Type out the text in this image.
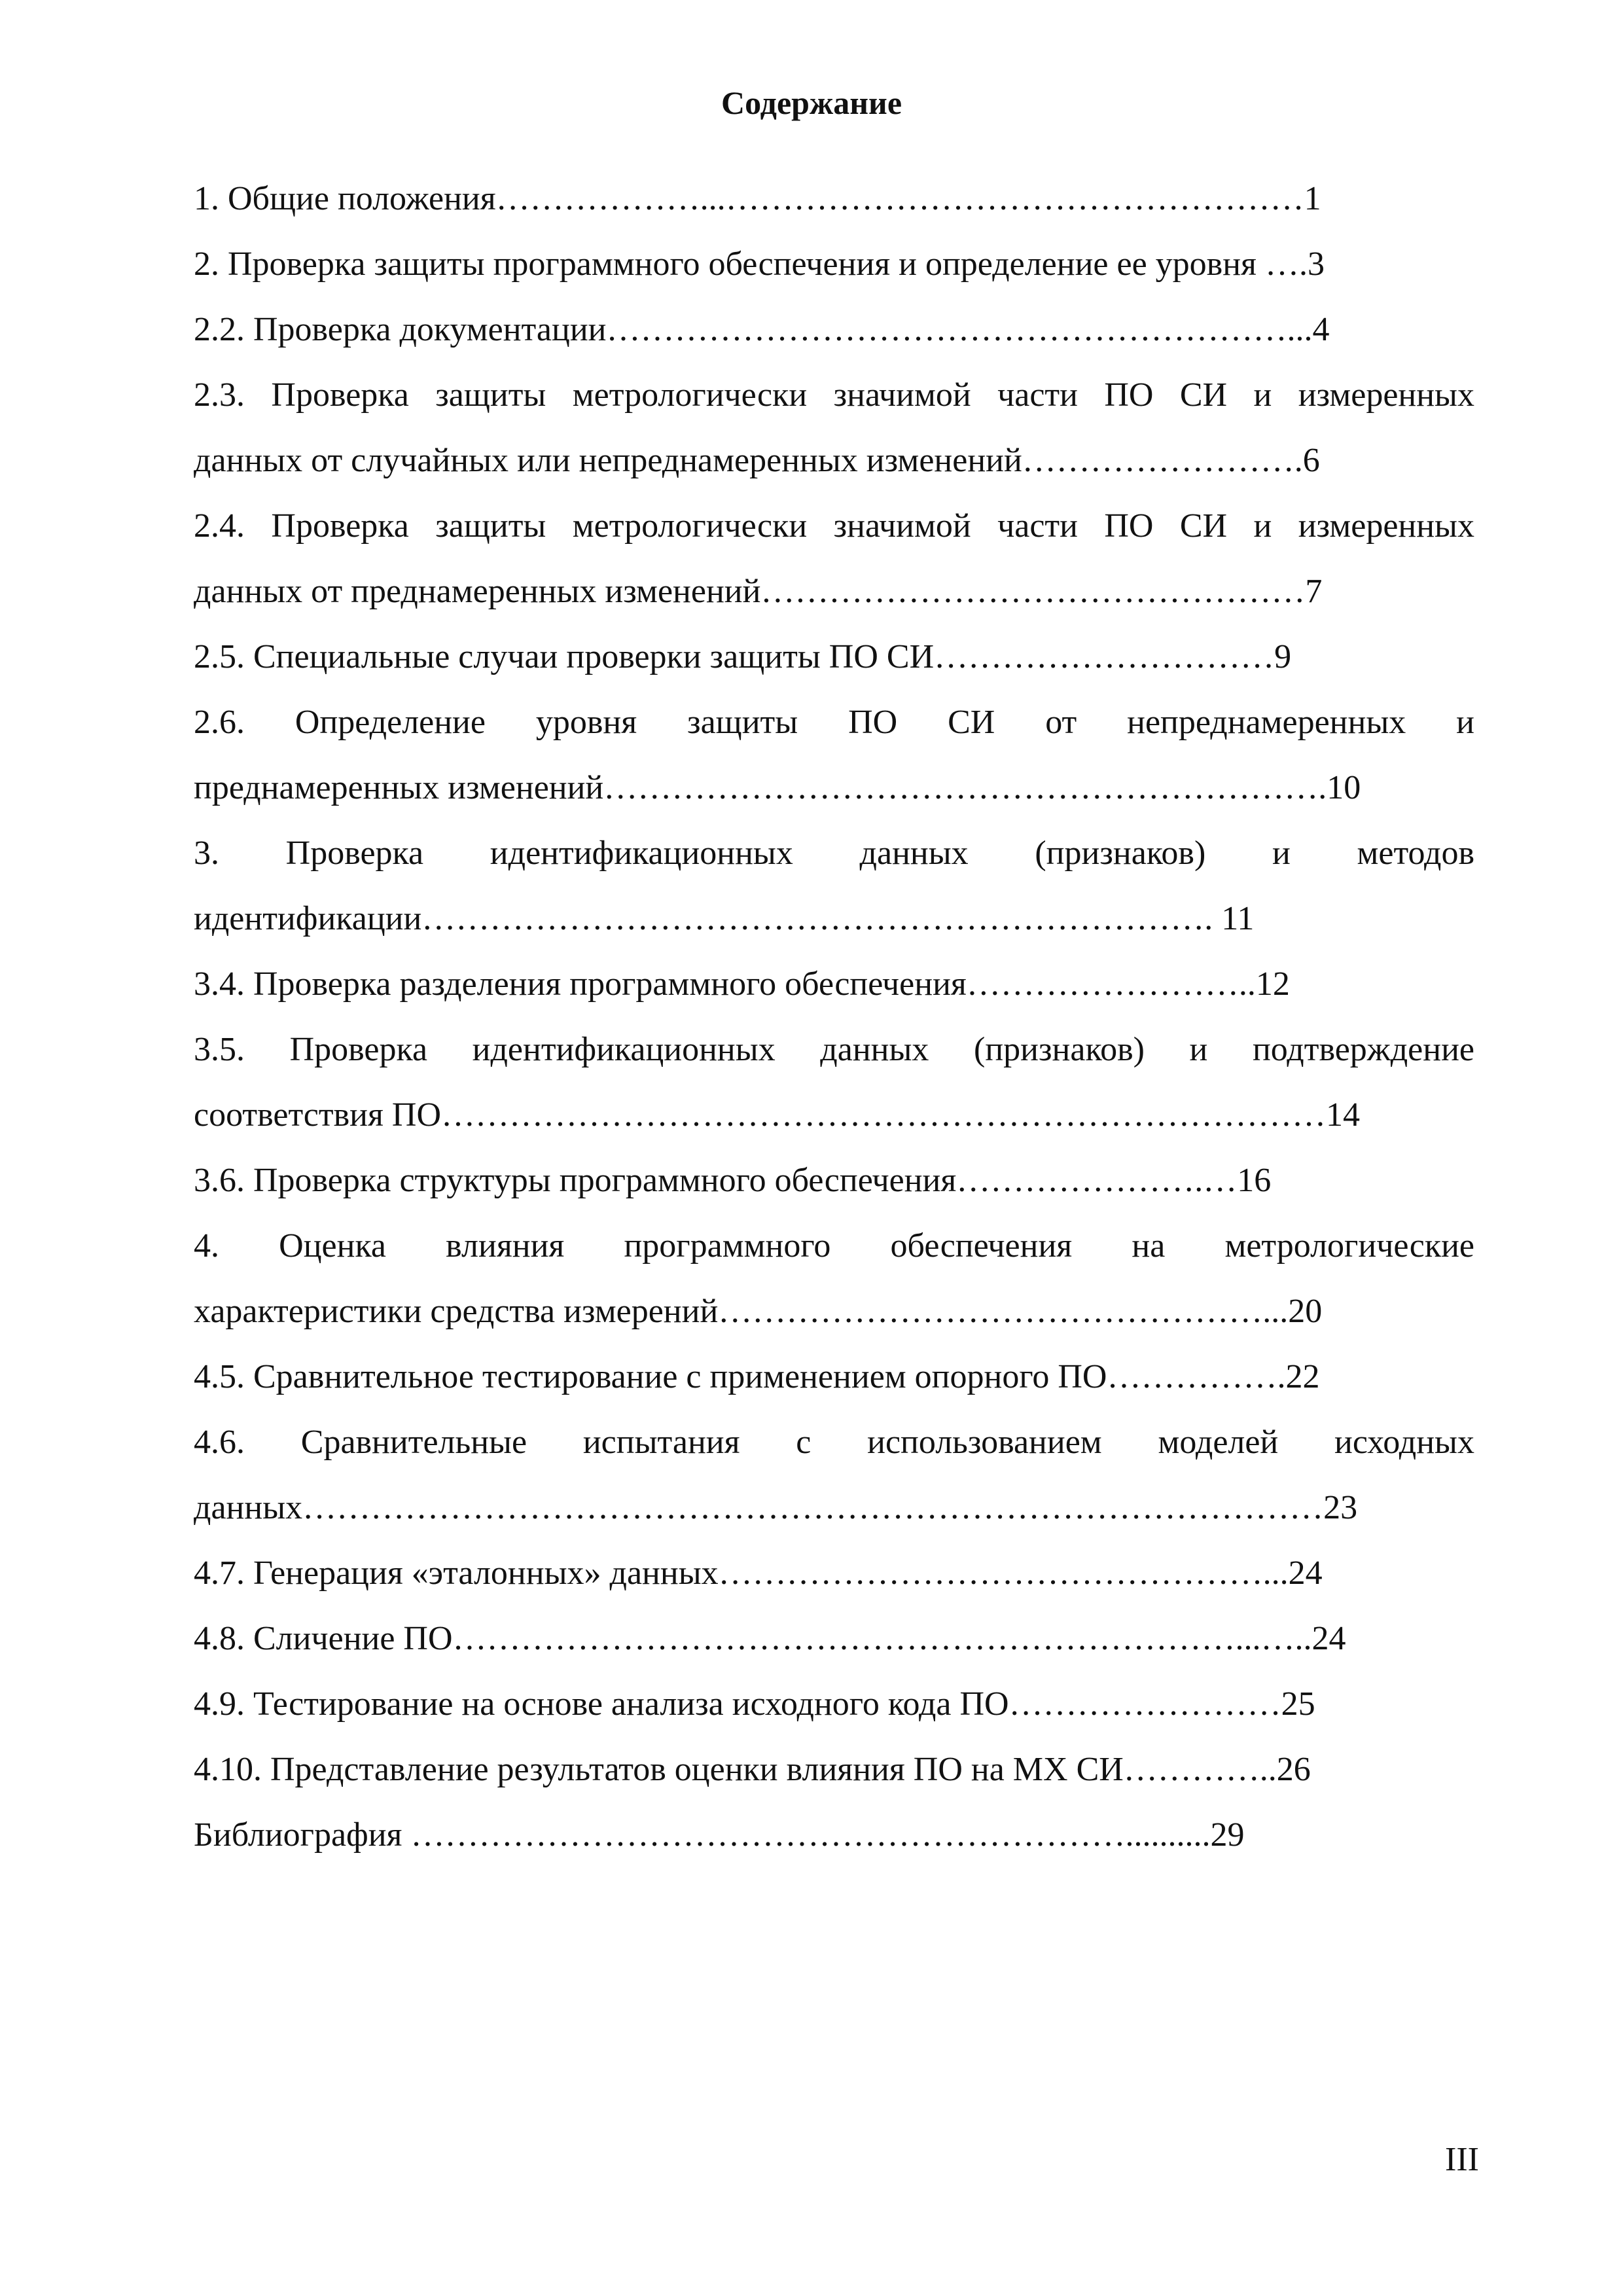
Содержание

1. Общие положения………………...……………………………………………1

2. Проверка защиты программного обеспечения и определение ее уровня ….3

2.2. Проверка документации……………………………………………………...4

2.3. Проверка защиты метрологически значимой части ПО СИ и измеренных
данных от случайных или непреднамеренных изменений…………………….6

2.4. Проверка защиты метрологически значимой части ПО СИ и измеренных
данных от преднамеренных изменений…………………………………………7

2.5. Специальные случаи проверки защиты ПО СИ…………………………9

2.6. Определение уровня защиты ПО СИ от непреднамеренных и
преднамеренных изменений……………………………………………………….10

3. Проверка идентификационных данных (признаков) и методов
идентификации……………………………………………………………. 11

3.4. Проверка разделения программного обеспечения……………………..12

3.5. Проверка идентификационных данных (признаков) и подтверждение
соответствия ПО……………………………………………………………………14

3.6. Проверка структуры программного обеспечения………………….…16

4. Оценка влияния программного обеспечения на метрологические
характеристики средства измерений…………………………………………...20

4.5. Сравнительное тестирование с применением опорного ПО…………….22

4.6. Сравнительные испытания с использованием моделей исходных
данных………………………………………………………………………………23

4.7. Генерация «эталонных» данных…………………………………………...24

4.8. Сличение ПО……………………………………………………………...…..24

4.9. Тестирование на основе анализа исходного кода ПО……………………25

4.10. Представление результатов оценки влияния ПО на МХ СИ…………..26

Библиография ………………………………………………………..........29

III
